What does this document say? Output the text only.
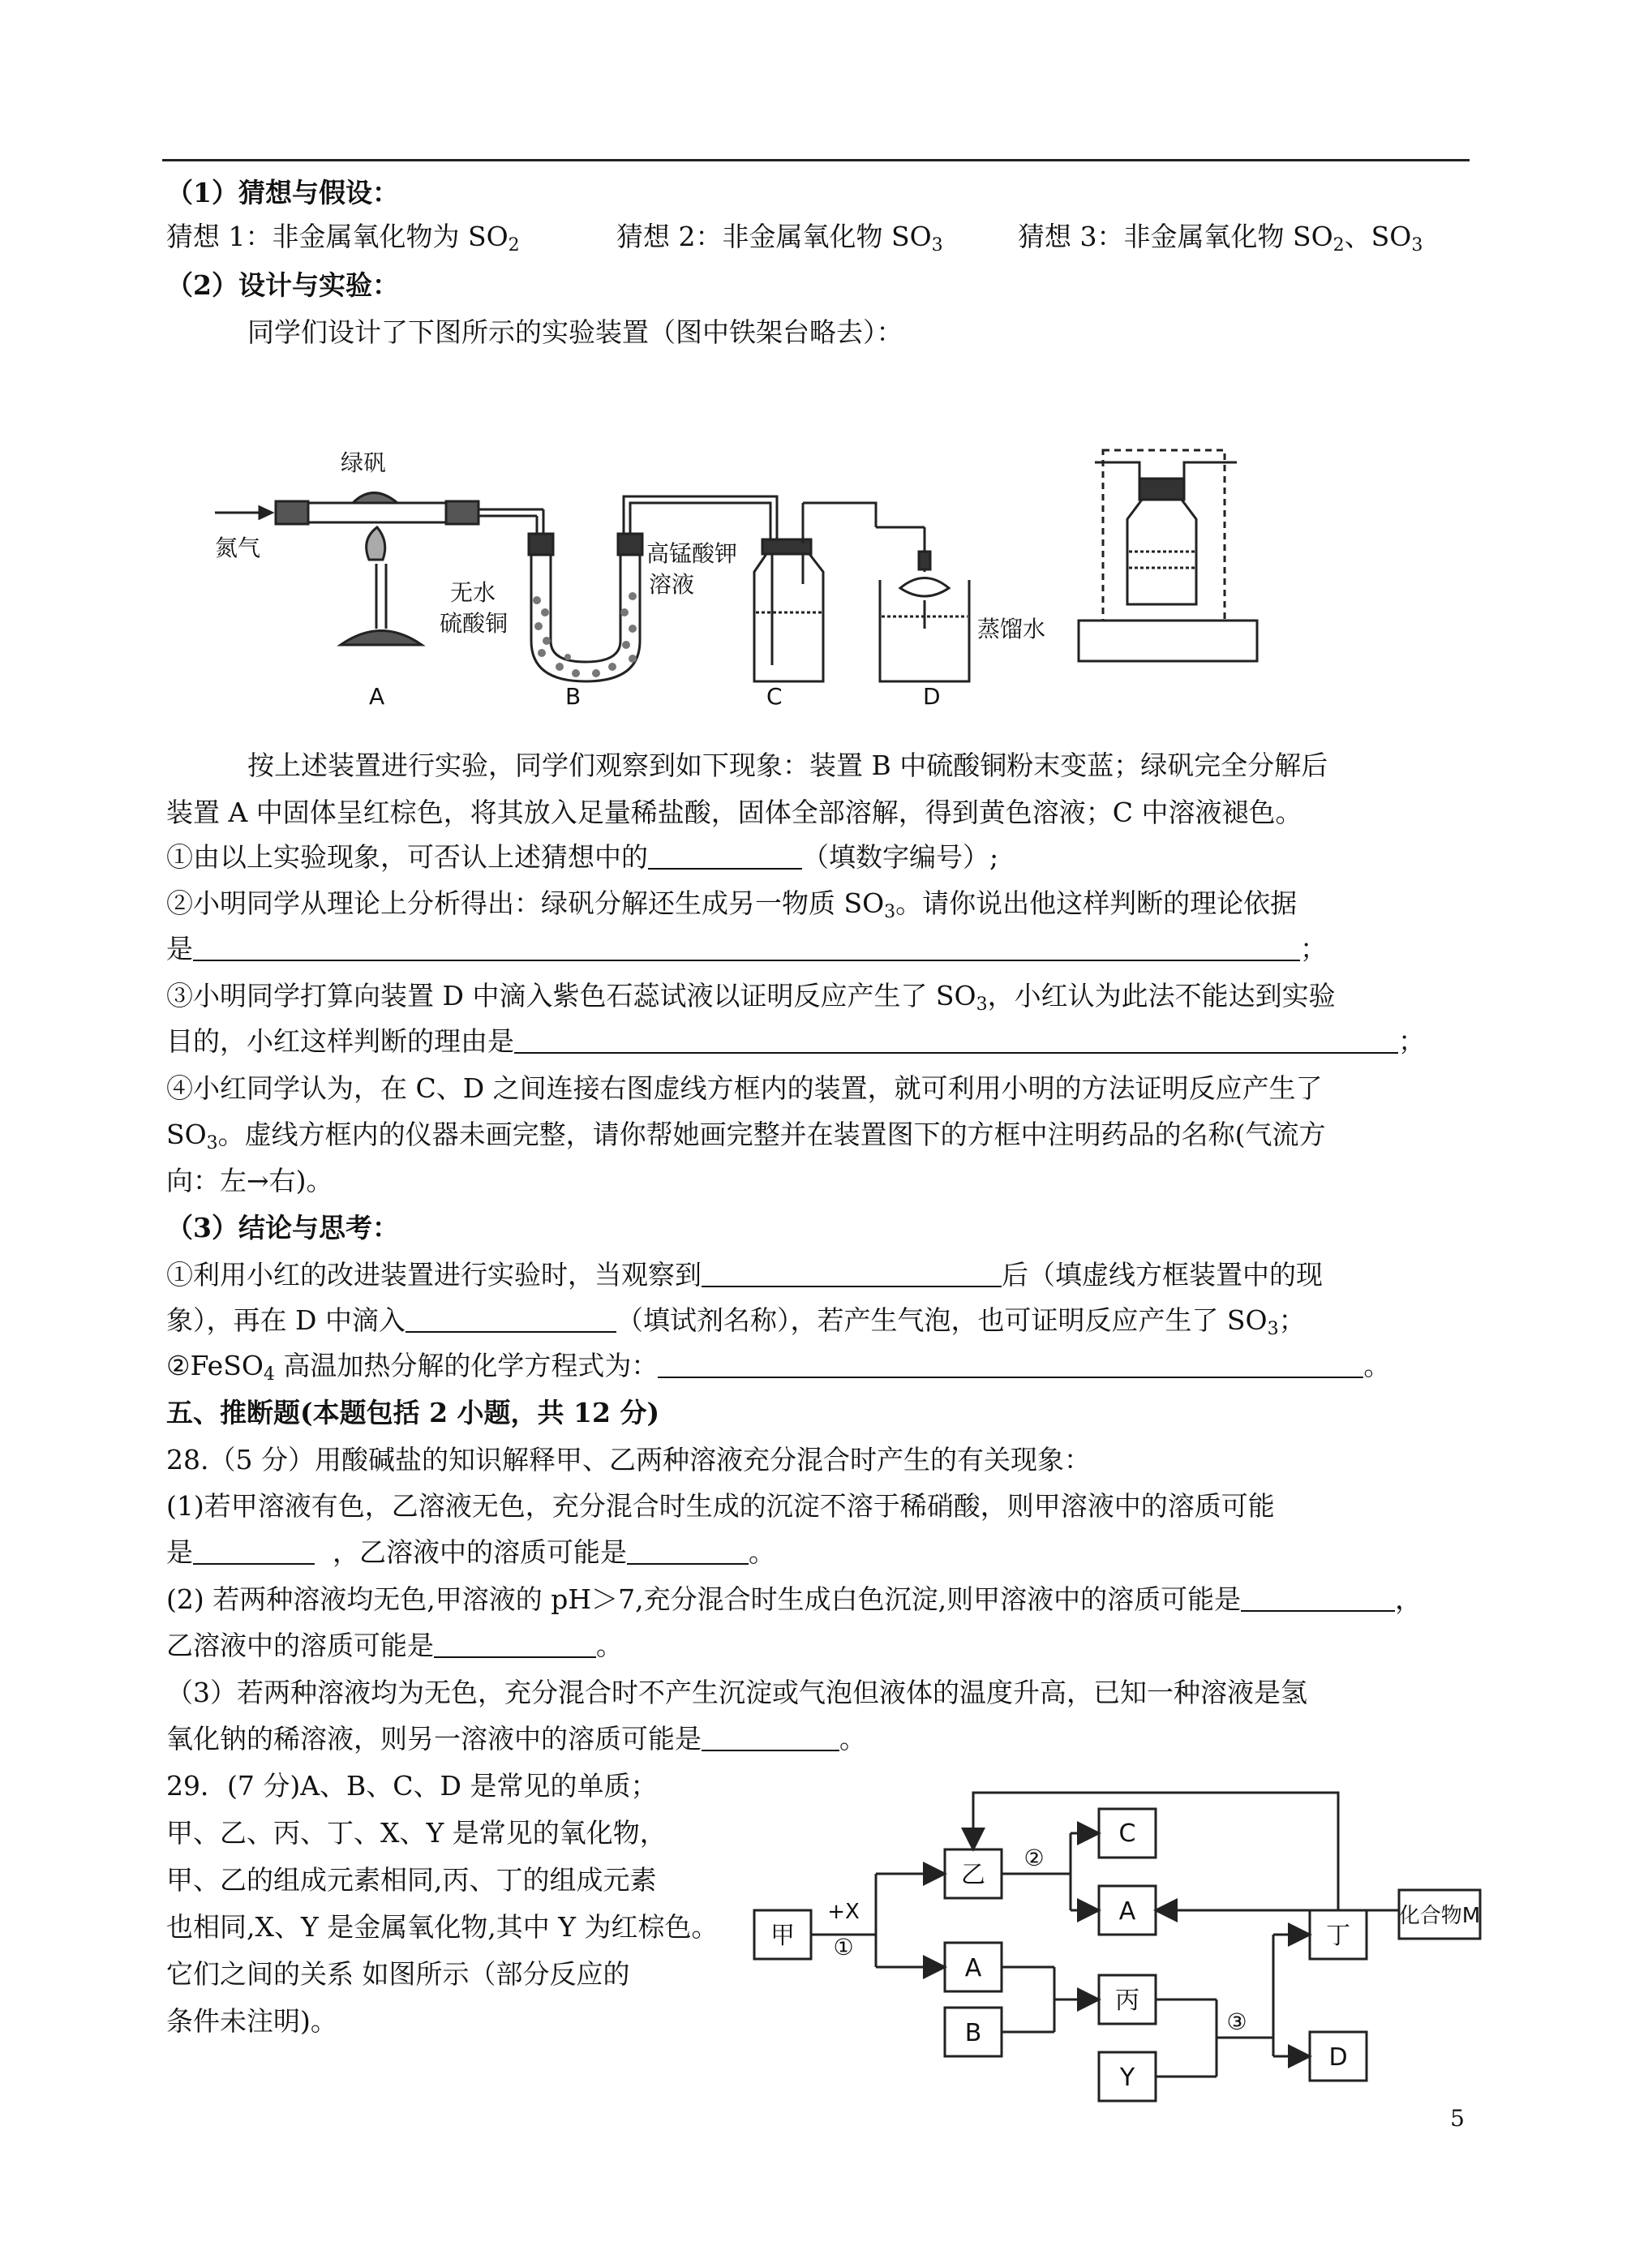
（1）猜想与假设：
猜想 1：非金属氧化物为 $SO_2$	猜想 2：非金属氧化物 $SO_3$	猜想 3：非金属氧化物 $SO_2$、$SO_3$
（2）设计与实验：
同学们设计了下图所示的实验装置（图中铁架台略去）：
绿矾
氮气
无水
硫酸铜
高锰酸钾
溶液
蒸馏水
A	B	C	D
按上述装置进行实验，同学们观察到如下现象：装置 B 中硫酸铜粉末变蓝；绿矾完全分解后
装置 A 中固体呈红棕色，将其放入足量稀盐酸，固体全部溶解，得到黄色溶液；C 中溶液褪色。
①由以上实验现象，可否认上述猜想中的	（填数字编号）;
②小明同学从理论上分析得出：绿矾分解还生成另一物质 $SO_3$。请你说出他这样判断的理论依据
是	；
③小明同学打算向装置 D 中滴入紫色石蕊试液以证明反应产生了 $SO_3$，小红认为此法不能达到实验
目的，小红这样判断的理由是	；
④小红同学认为，在 C、D 之间连接右图虚线方框内的装置，就可利用小明的方法证明反应产生了
$SO_3$。虚线方框内的仪器未画完整，请你帮她画完整并在装置图下的方框中注明药品的名称(气流方
向：左→右)。
（3）结论与思考：
①利用小红的改进装置进行实验时，当观察到	后（填虚线方框装置中的现
象），再在 D 中滴入	（填试剂名称），若产生气泡，也可证明反应产生了 $SO_3$；
②FeSO$_4$ 高温加热分解的化学方程式为：	。
五、推断题(本题包括 2 小题，共 12 分)
28.（5 分）用酸碱盐的知识解释甲、乙两种溶液充分混合时产生的有关现象：
(1)若甲溶液有色，乙溶液无色，充分混合时生成的沉淀不溶于稀硝酸，则甲溶液中的溶质可能
是	，乙溶液中的溶质可能是	。
(2) 若两种溶液均无色,甲溶液的 pH＞7,充分混合时生成白色沉淀,则甲溶液中的溶质可能是	，
乙溶液中的溶质可能是	。
（3）若两种溶液均为无色，充分混合时不产生沉淀或气泡但液体的温度升高，已知一种溶液是氢
氧化钠的稀溶液，则另一溶液中的溶质可能是	。
29．(7 分)A、B、C、D 是常见的单质；
甲、乙、丙、丁、X、Y 是常见的氧化物，
甲、乙的组成元素相同,丙、丁的组成元素
也相同,X、Y 是金属氧化物,其中 Y 为红棕色。
它们之间的关系 如图所示（部分反应的
条件未注明)。
甲
乙
C
A
A
B
丙
Y
丁
D
化合物M
+X
①
②
③
5
